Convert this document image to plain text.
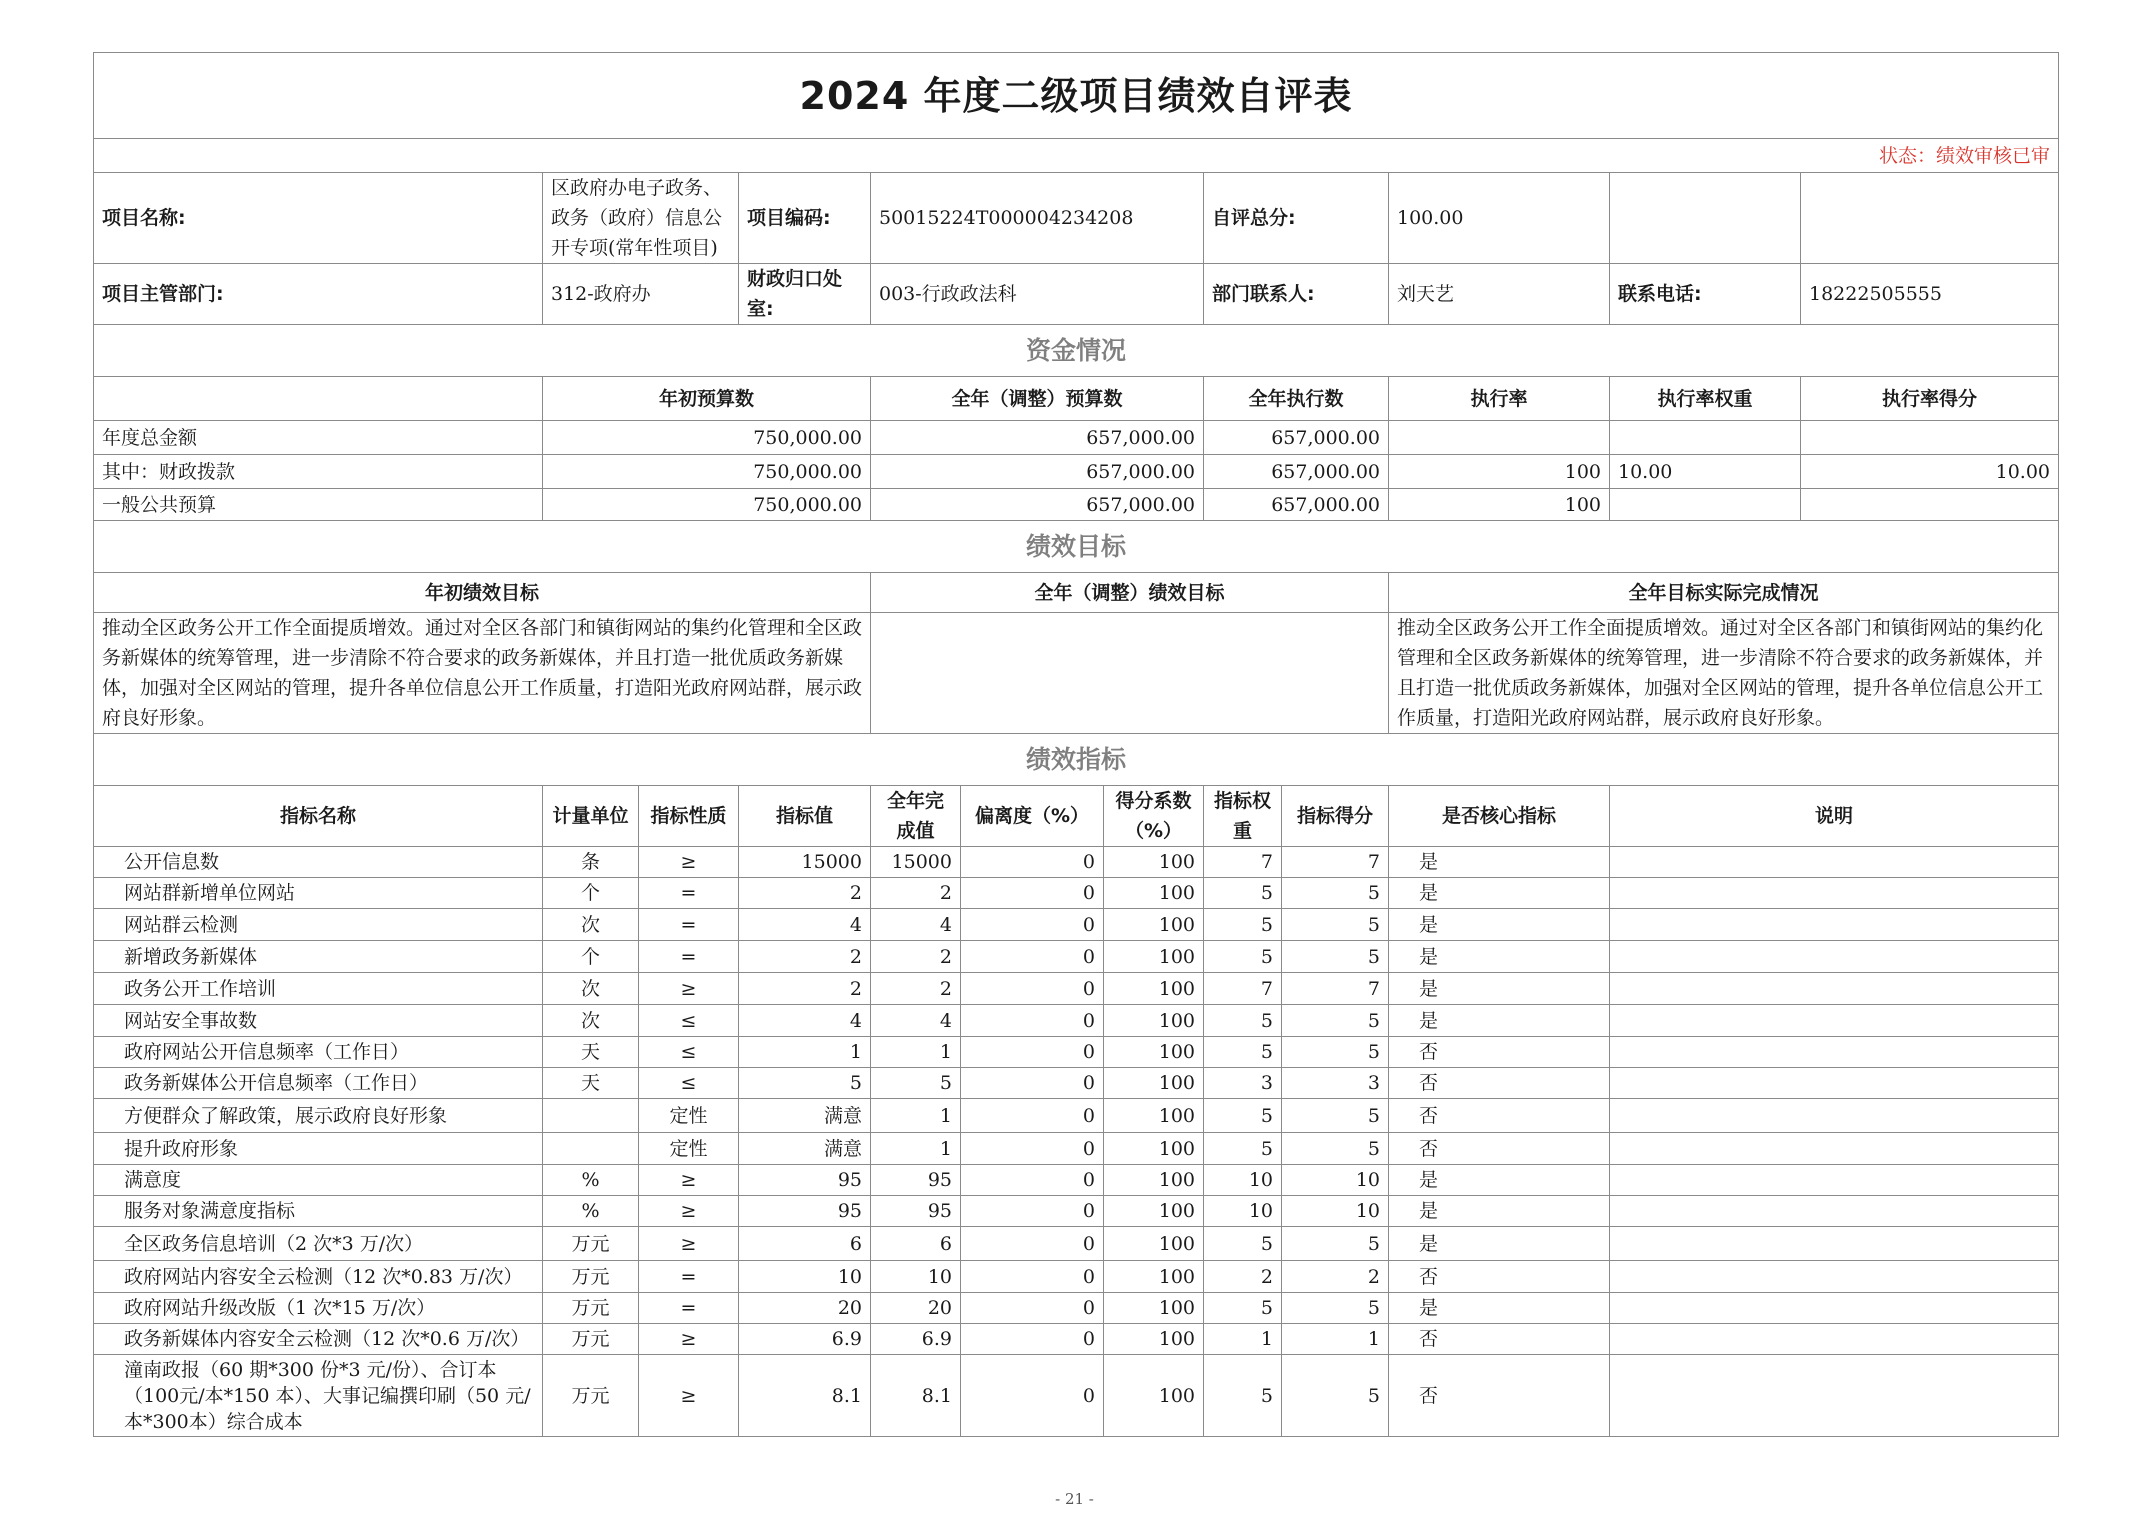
2024 年度二级项目绩效自评表											
状态：绩效审核已审											
项目名称:	区政府办电子政务、政务（政府）信息公开专项(常年性项目)		项目编码:	50015224T000004234208			自评总分:		100.00		
项目主管部门:	312-政府办		财政归口处室:	003-行政政法科			部门联系人:		刘天艺	联系电话:	18222505555
资金情况											
	年初预算数			全年（调整）预算数			全年执行数		执行率	执行率权重	执行率得分
年度总金额	750,000.00			657,000.00			657,000.00				
其中：财政拨款	750,000.00			657,000.00			657,000.00		100	10.00	10.00
一般公共预算	750,000.00			657,000.00			657,000.00		100		
绩效目标											
年初绩效目标				全年（调整）绩效目标					全年目标实际完成情况		
推动全区政务公开工作全面提质增效。通过对全区各部门和镇街网站的集约化管理和全区政务新媒体的统筹管理，进一步清除不符合要求的政务新媒体，并且打造一批优质政务新媒体，加强对全区网站的管理，提升各单位信息公开工作质量，打造阳光政府网站群，展示政府良好形象。									推动全区政务公开工作全面提质增效。通过对全区各部门和镇街网站的集约化管理和全区政务新媒体的统筹管理，进一步清除不符合要求的政务新媒体，并且打造一批优质政务新媒体，加强对全区网站的管理，提升各单位信息公开工作质量，打造阳光政府网站群，展示政府良好形象。		
绩效指标											
指标名称	计量单位	指标性质	指标值	全年完成值	偏离度（%）	得分系数（%）	指标权重	指标得分	是否核心指标	说明	
公开信息数	条	≥	15000	15000	0	100	7	7	是		
网站群新增单位网站	个	=	2	2	0	100	5	5	是		
网站群云检测	次	=	4	4	0	100	5	5	是		
新增政务新媒体	个	=	2	2	0	100	5	5	是		
政务公开工作培训	次	≥	2	2	0	100	7	7	是		
网站安全事故数	次	≤	4	4	0	100	5	5	是		
政府网站公开信息频率（工作日）	天	≤	1	1	0	100	5	5	否		
政务新媒体公开信息频率（工作日）	天	≤	5	5	0	100	3	3	否		
方便群众了解政策，展示政府良好形象		定性	满意	1	0	100	5	5	否		
提升政府形象		定性	满意	1	0	100	5	5	否		
满意度	%	≥	95	95	0	100	10	10	是		
服务对象满意度指标	%	≥	95	95	0	100	10	10	是		
全区政务信息培训（2 次*3 万/次）	万元	≥	6	6	0	100	5	5	是		
政府网站内容安全云检测（12 次*0.83 万/次）	万元	=	10	10	0	100	2	2	否		
政府网站升级改版（1 次*15 万/次）	万元	=	20	20	0	100	5	5	是		
政务新媒体内容安全云检测（12 次*0.6 万/次）	万元	≥	6.9	6.9	0	100	1	1	否		
潼南政报（60 期*300 份*3 元/份）、合订本（100元/本*150 本）、大事记编撰印刷（50 元/本*300本）综合成本	万元	≥	8.1	8.1	0	100	5	5	否		
- 21 -
